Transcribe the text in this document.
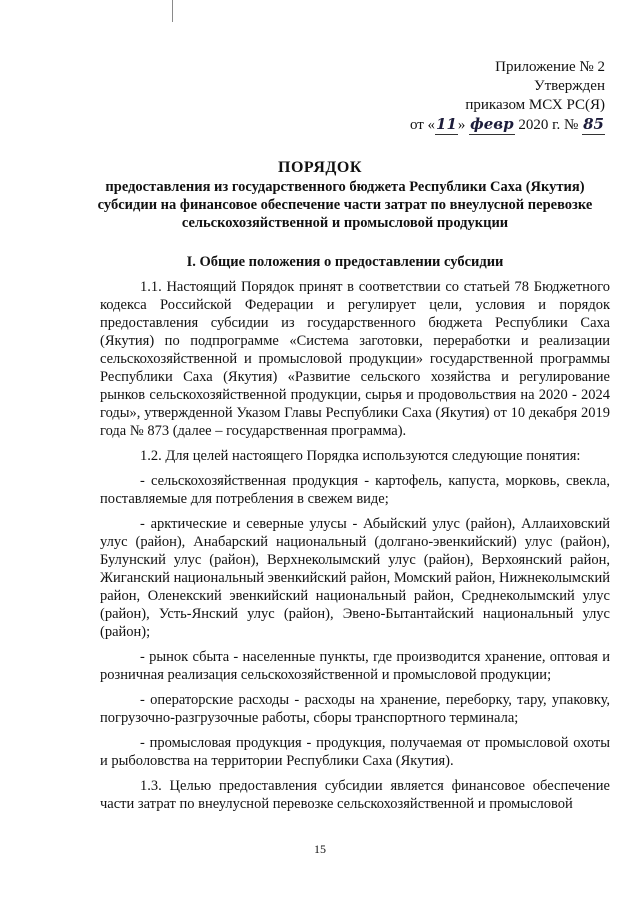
Приложение № 2
Утвержден
приказом МСХ РС(Я)
от «11» февр 2020 г. № 85
ПОРЯДОК
предоставления из государственного бюджета Республики Саха (Якутия) субсидии на финансовое обеспечение части затрат по внеулусной перевозке сельскохозяйственной и промысловой продукции
I. Общие положения о предоставлении субсидии

1.1. Настоящий Порядок принят в соответствии со статьей 78 Бюджетного кодекса Российской Федерации и регулирует цели, условия и порядок предоставления субсидии из государственного бюджета Республики Саха (Якутия) по подпрограмме «Система заготовки, переработки и реализации сельскохозяйственной и промысловой продукции» государственной программы Республики Саха (Якутия) «Развитие сельского хозяйства и регулирование рынков сельскохозяйственной продукции, сырья и продовольствия на 2020 - 2024 годы», утвержденной Указом Главы Республики Саха (Якутия) от 10 декабря 2019 года № 873 (далее – государственная программа).

1.2. Для целей настоящего Порядка используются следующие понятия:

- сельскохозяйственная продукция - картофель, капуста, морковь, свекла, поставляемые для потребления в свежем виде;

- арктические и северные улусы - Абыйский улус (район), Аллаиховский улус (район), Анабарский национальный (долгано-эвенкийский) улус (район), Булунский улус (район), Верхнеколымский улус (район), Верхоянский район, Жиганский национальный эвенкийский район, Момский район, Нижнеколымский район, Оленекский эвенкийский национальный район, Среднеколымский улус (район), Усть-Янский улус (район), Эвено-Бытантайский национальный улус (район);

- рынок сбыта - населенные пункты, где производится хранение, оптовая и розничная реализация сельскохозяйственной и промысловой продукции;

- операторские расходы - расходы на хранение, переборку, тару, упаковку, погрузочно-разгрузочные работы, сборы транспортного терминала;

- промысловая продукция - продукция, получаемая от промысловой охоты и рыболовства на территории Республики Саха (Якутия).

1.3. Целью предоставления субсидии является финансовое обеспечение части затрат по внеулусной перевозке сельскохозяйственной и промысловой

15
